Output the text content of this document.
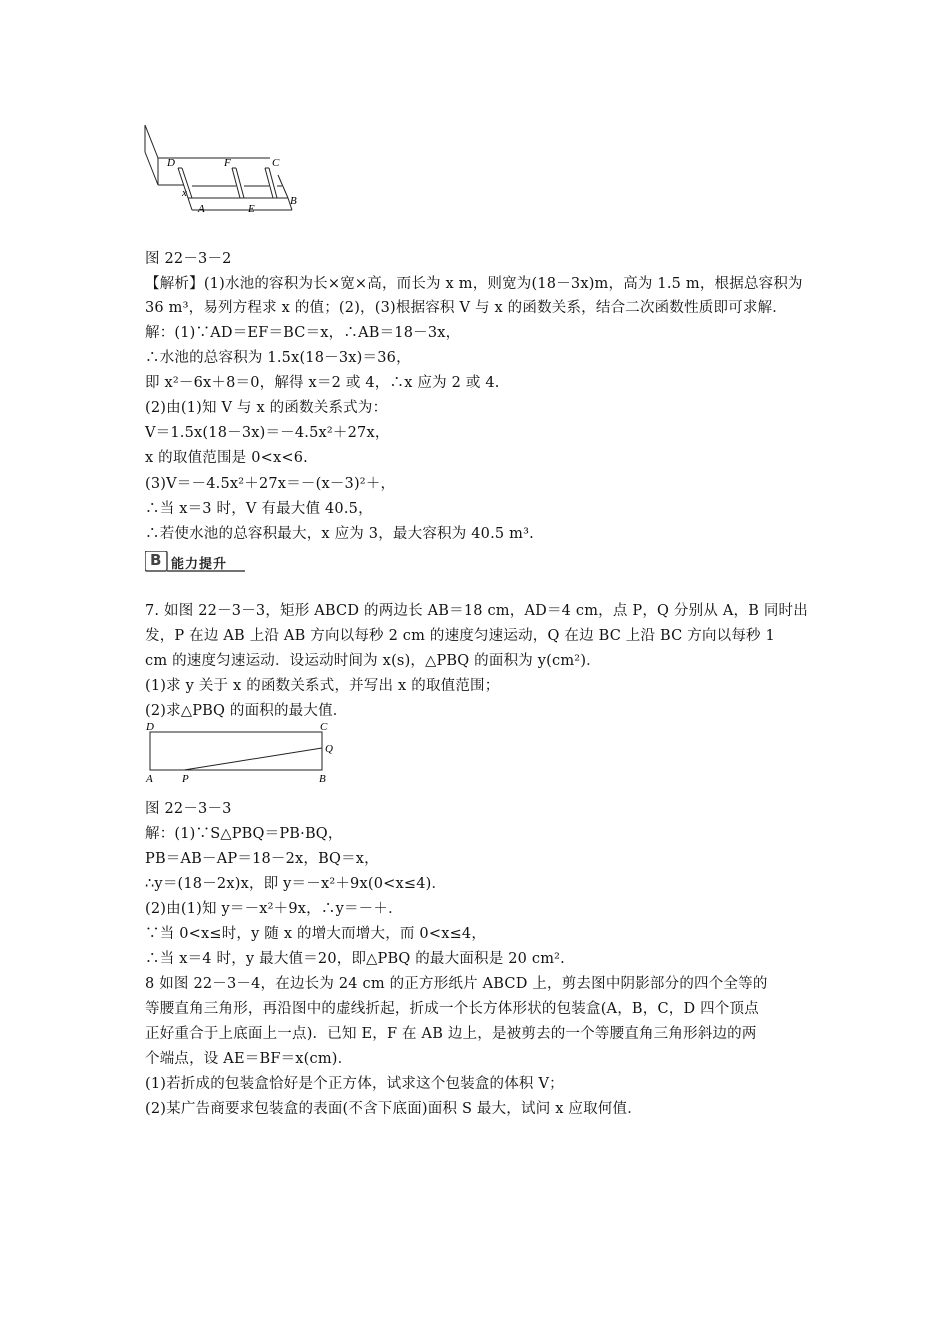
D	F	C
x
A	E
B
图 22－3－2
【解析】(1)水池的容积为长×宽×高，而长为 x m，则宽为(18－3x)m，高为 1.5 m，根据总容积为
36 m³，易列方程求 x 的值；(2)，(3)根据容积 V 与 x 的函数关系，结合二次函数性质即可求解．
解：(1)∵AD＝EF＝BC＝x，∴AB＝18－3x，
∴水池的总容积为 1.5x(18－3x)＝36，
即 x²－6x＋8＝0，解得 x＝2 或 4，∴x 应为 2 或 4.
(2)由(1)知 V 与 x 的函数关系式为：
V＝1.5x(18－3x)＝－4.5x²＋27x，
x 的取值范围是 0<x<6.
(3)V＝－4.5x²＋27x＝－(x－3)²＋，
∴当 x＝3 时，V 有最大值 40.5，
∴若使水池的总容积最大，x 应为 3，最大容积为 40.5 m³.
B 能力提升
7. 如图 22－3－3，矩形 ABCD 的两边长 AB＝18 cm，AD＝4 cm，点 P，Q 分别从 A，B 同时出
发，P 在边 AB 上沿 AB 方向以每秒 2 cm 的速度匀速运动，Q 在边 BC 上沿 BC 方向以每秒 1
cm 的速度匀速运动．设运动时间为 x(s)，△PBQ 的面积为 y(cm²)．
(1)求 y 关于 x 的函数关系式，并写出 x 的取值范围；
(2)求△PBQ 的面积的最大值．
D	C
Q
A	P	B
图 22－3－3
解：(1)∵S△PBQ＝PB·BQ，
PB＝AB－AP＝18－2x，BQ＝x，
∴y＝(18－2x)x，即 y＝－x²＋9x(0<x≤4)．
(2)由(1)知 y＝－x²＋9x，∴y＝－＋．
∵当 0<x≤时，y 随 x 的增大而增大，而 0<x≤4，
∴当 x＝4 时，y 最大值＝20，即△PBQ 的最大面积是 20 cm².
8 如图 22－3－4，在边长为 24 cm 的正方形纸片 ABCD 上，剪去图中阴影部分的四个全等的
等腰直角三角形，再沿图中的虚线折起，折成一个长方体形状的包装盒(A，B，C，D 四个顶点
正好重合于上底面上一点)．已知 E，F 在 AB 边上，是被剪去的一个等腰直角三角形斜边的两
个端点，设 AE＝BF＝x(cm)．
(1)若折成的包装盒恰好是个正方体，试求这个包装盒的体积 V；
(2)某广告商要求包装盒的表面(不含下底面)面积 S 最大，试问 x 应取何值．
